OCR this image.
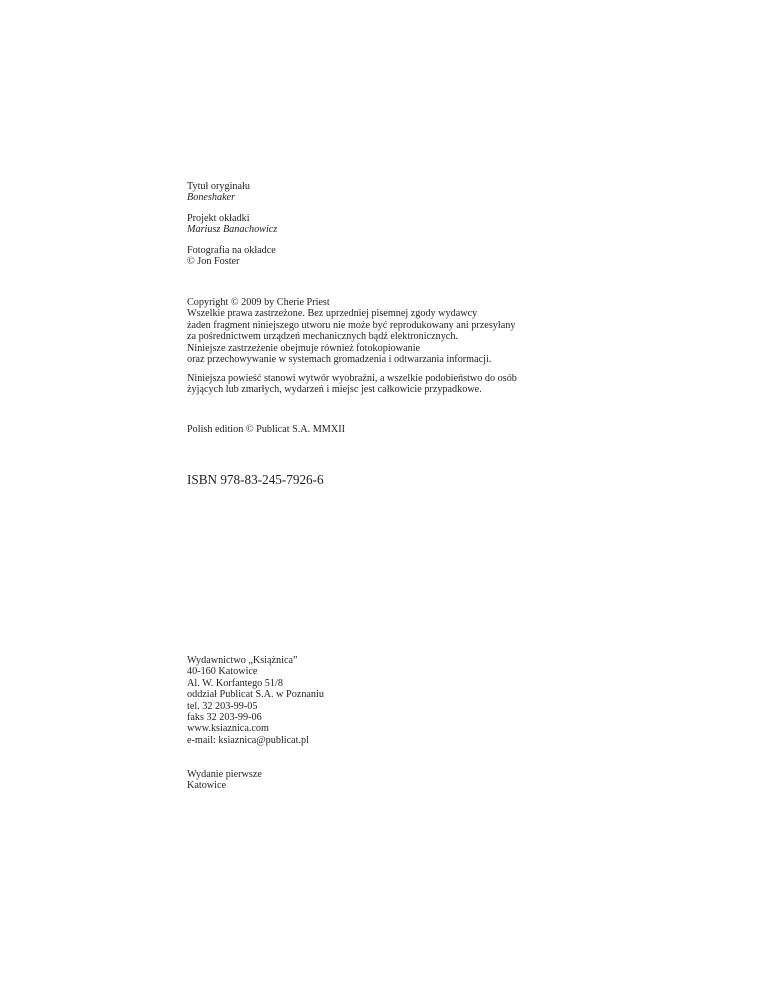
Tytuł oryginału
Boneshaker
Projekt okładki
Mariusz Banachowicz
Fotografia na okładce
© Jon Foster
Copyright © 2009 by Cherie Priest
Wszelkie prawa zastrzeżone. Bez uprzedniej pisemnej zgody wydawcy
żaden fragment niniejszego utworu nie może być reprodukowany ani przesyłany
za pośrednictwem urządzeń mechanicznych bądź elektronicznych.
Niniejsze zastrzeżenie obejmuje również fotokopiowanie
oraz przechowywanie w systemach gromadzenia i odtwarzania informacji.
Niniejsza powieść stanowi wytwór wyobraźni, a wszelkie podobieństwo do osób
żyjących lub zmarłych, wydarzeń i miejsc jest całkowicie przypadkowe.
Polish edition © Publicat S.A. MMXII
ISBN 978-83-245-7926-6
Wydawnictwo „Książnica”
40-160 Katowice
Al. W. Korfantego 51/8
oddział Publicat S.A. w Poznaniu
tel. 32 203-99-05
faks 32 203-99-06
www.ksiaznica.com
e-mail: ksiaznica@publicat.pl
Wydanie pierwsze
Katowice
